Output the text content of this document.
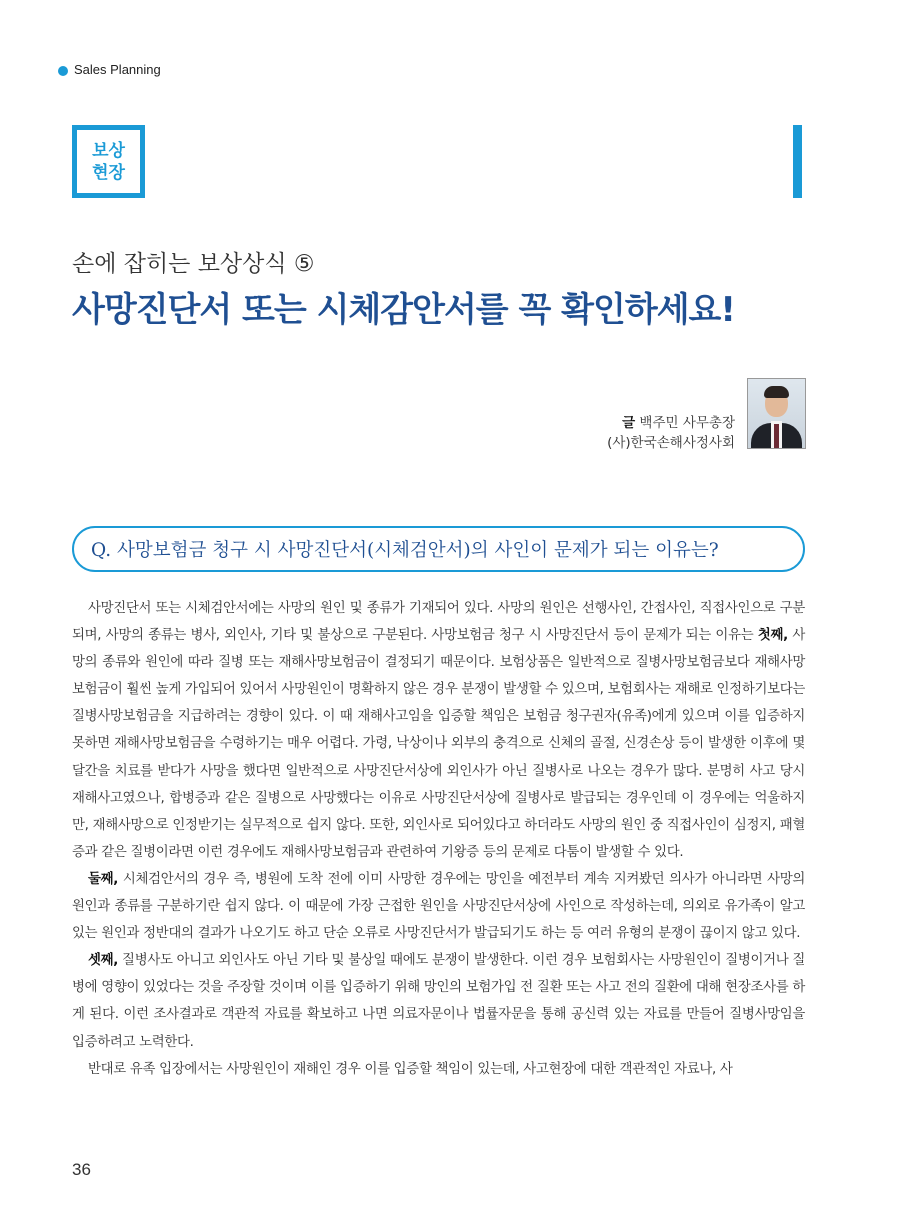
Sales Planning
보상
현장
손에 잡히는 보상상식 ⑤
사망진단서 또는 시체감안서를 꼭 확인하세요!
글 백주민 사무총장
(사)한국손해사정사회
Q. 사망보험금 청구 시 사망진단서(시체검안서)의 사인이 문제가 되는 이유는?

사망진단서 또는 시체검안서에는 사망의 원인 및 종류가 기재되어 있다. 사망의 원인은 선행사인, 간접사인, 직접사인으로 구분되며, 사망의 종류는 병사, 외인사, 기타 및 불상으로 구분된다. 사망보험금 청구 시 사망진단서 등이 문제가 되는 이유는 첫째, 사망의 종류와 원인에 따라 질병 또는 재해사망보험금이 결정되기 때문이다. 보험상품은 일반적으로 질병사망보험금보다 재해사망보험금이 훨씬 높게 가입되어 있어서 사망원인이 명확하지 않은 경우 분쟁이 발생할 수 있으며, 보험회사는 재해로 인정하기보다는 질병사망보험금을 지급하려는 경향이 있다. 이 때 재해사고임을 입증할 책임은 보험금 청구권자(유족)에게 있으며 이를 입증하지 못하면 재해사망보험금을 수령하기는 매우 어렵다. 가령, 낙상이나 외부의 충격으로 신체의 골절, 신경손상 등이 발생한 이후에 몇 달간을 치료를 받다가 사망을 했다면 일반적으로 사망진단서상에 외인사가 아닌 질병사로 나오는 경우가 많다. 분명히 사고 당시 재해사고였으나, 합병증과 같은 질병으로 사망했다는 이유로 사망진단서상에 질병사로 발급되는 경우인데 이 경우에는 억울하지만, 재해사망으로 인정받기는 실무적으로 쉽지 않다. 또한, 외인사로 되어있다고 하더라도 사망의 원인 중 직접사인이 심정지, 패혈증과 같은 질병이라면 이런 경우에도 재해사망보험금과 관련하여 기왕증 등의 문제로 다툼이 발생할 수 있다.

둘째, 시체검안서의 경우 즉, 병원에 도착 전에 이미 사망한 경우에는 망인을 예전부터 계속 지켜봤던 의사가 아니라면 사망의 원인과 종류를 구분하기란 쉽지 않다. 이 때문에 가장 근접한 원인을 사망진단서상에 사인으로 작성하는데, 의외로 유가족이 알고 있는 원인과 정반대의 결과가 나오기도 하고 단순 오류로 사망진단서가 발급되기도 하는 등 여러 유형의 분쟁이 끊이지 않고 있다.

셋째, 질병사도 아니고 외인사도 아닌 기타 및 불상일 때에도 분쟁이 발생한다. 이런 경우 보험회사는 사망원인이 질병이거나 질병에 영향이 있었다는 것을 주장할 것이며 이를 입증하기 위해 망인의 보험가입 전 질환 또는 사고 전의 질환에 대해 현장조사를 하게 된다. 이런 조사결과로 객관적 자료를 확보하고 나면 의료자문이나 법률자문을 통해 공신력 있는 자료를 만들어 질병사망임을 입증하려고 노력한다.

반대로 유족 입장에서는 사망원인이 재해인 경우 이를 입증할 책임이 있는데, 사고현장에 대한 객관적인 자료나, 사

36
